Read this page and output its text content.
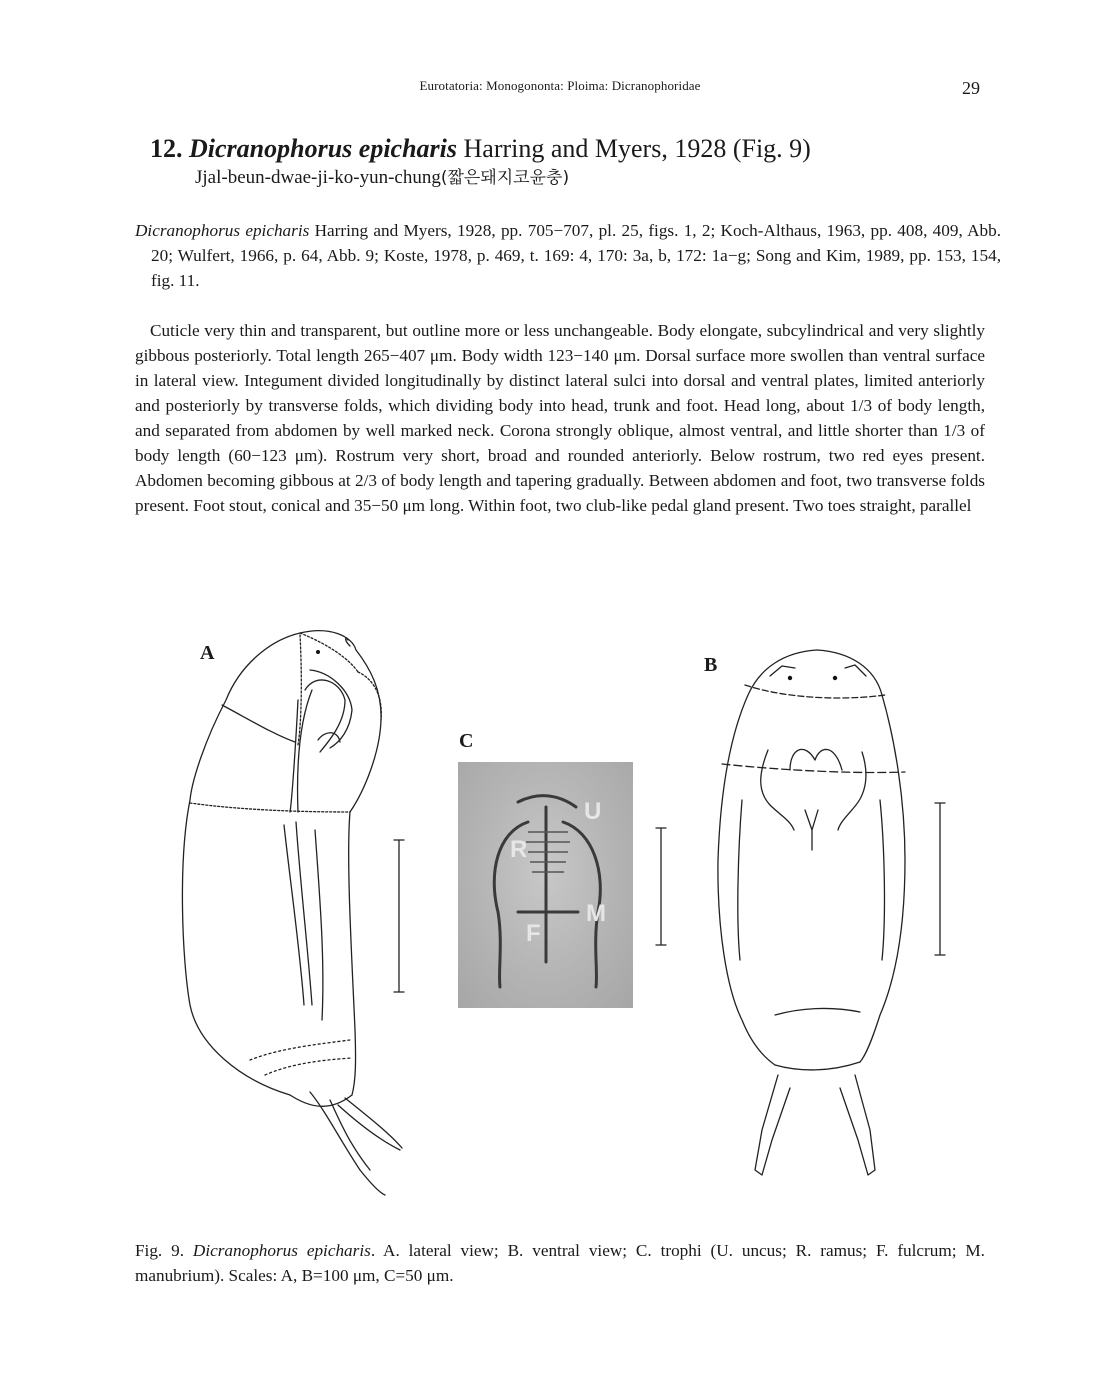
Eurotatoria: Monogononta: Ploima: Dicranophoridae	29
12. Dicranophorus epicharis Harring and Myers, 1928 (Fig. 9)
Jjal-beun-dwae-ji-ko-yun-chung(짧은돼지코윤충)
Dicranophorus epicharis Harring and Myers, 1928, pp. 705−707, pl. 25, figs. 1, 2; Koch-Althaus, 1963, pp. 408, 409, Abb. 20; Wulfert, 1966, p. 64, Abb. 9; Koste, 1978, p. 469, t. 169: 4, 170: 3a, b, 172: 1a−g; Song and Kim, 1989, pp. 153, 154, fig. 11.
Cuticle very thin and transparent, but outline more or less unchangeable. Body elongate, subcylindrical and very slightly gibbous posteriorly. Total length 265−407 μm. Body width 123−140 μm. Dorsal surface more swollen than ventral surface in lateral view. Integument divided longitudinally by distinct lateral sulci into dorsal and ventral plates, limited anteriorly and posteriorly by transverse folds, which dividing body into head, trunk and foot. Head long, about 1/3 of body length, and separated from abdomen by well marked neck. Corona strongly oblique, almost ventral, and little shorter than 1/3 of body length (60−123 μm). Rostrum very short, broad and rounded anteriorly. Below rostrum, two red eyes present. Abdomen becoming gibbous at 2/3 of body length and tapering gradually. Between abdomen and foot, two transverse folds present. Foot stout, conical and 35−50 μm long. Within foot, two club-like pedal gland present. Two toes straight, parallel
U
R
F
M
A
B
C
Fig. 9. Dicranophorus epicharis. A. lateral view; B. ventral view; C. trophi (U. uncus; R. ramus; F. fulcrum; M. manubrium). Scales: A, B=100 μm, C=50 μm.
